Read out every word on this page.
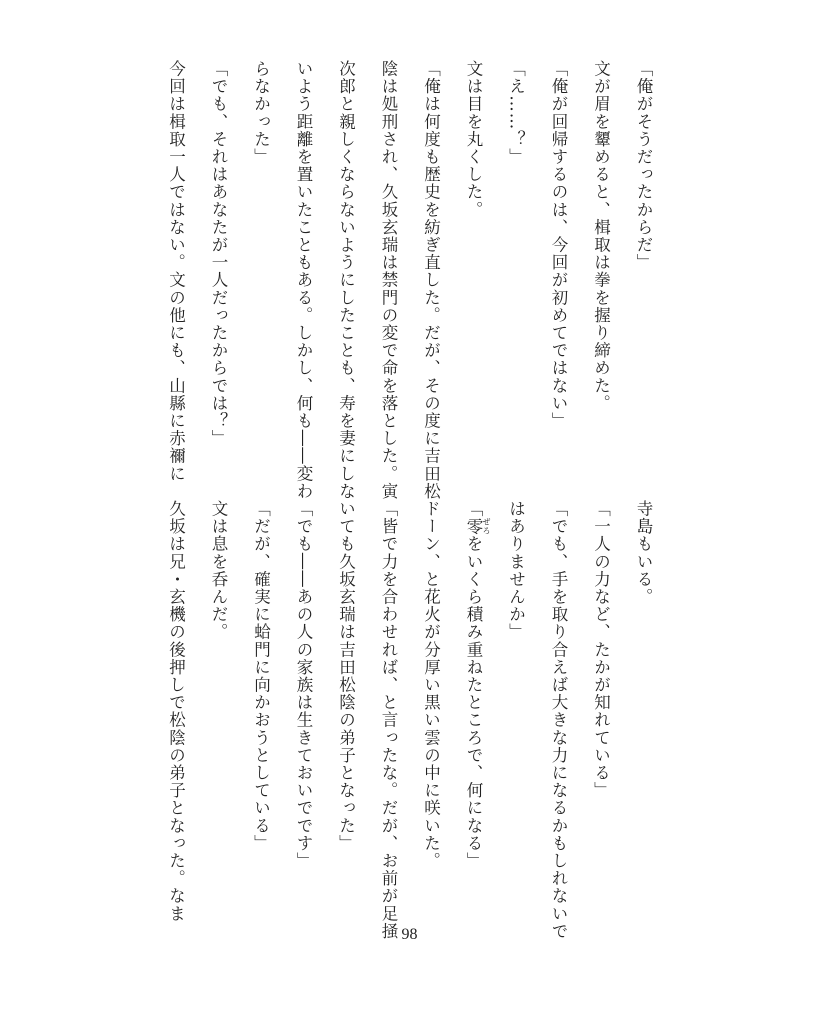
「俺がそうだったからだ」
文が眉を顰めると、楫取は拳を握り締めた。
「俺が回帰するのは、今回が初めてではない」
「え……？」
文は目を丸くした。
「俺は何度も歴史を紡ぎ直した。だが、その度に吉田松
陰は処刑され、久坂玄瑞は禁門の変で命を落とした。寅
次郎と親しくならないようにしたことも、寿を妻にしな
いよう距離を置いたこともある。しかし、何も――変わ
らなかった」
「でも、それはあなたが一人だったからでは？」
今回は楫取一人ではない。文の他にも、山縣に赤禰に
寺島もいる。
「一人の力など、たかが知れている」
「でも、手を取り合えば大きな力になるかもしれないで
はありませんか」
「零 ぜろをいくら積み重ねたところで、何になる」
ドーン、と花火が分厚い黒い雲の中に咲いた。
「皆で力を合わせれば、と言ったな。だが、お前が足掻
いても久坂玄瑞は吉田松陰の弟子となった」
「でも――あの人の家族は生きておいでです」
「だが、確実に蛤門に向かおうとしている」
文は息を呑んだ。
久坂は兄・玄機の後押しで松陰の弟子となった。なま
98
